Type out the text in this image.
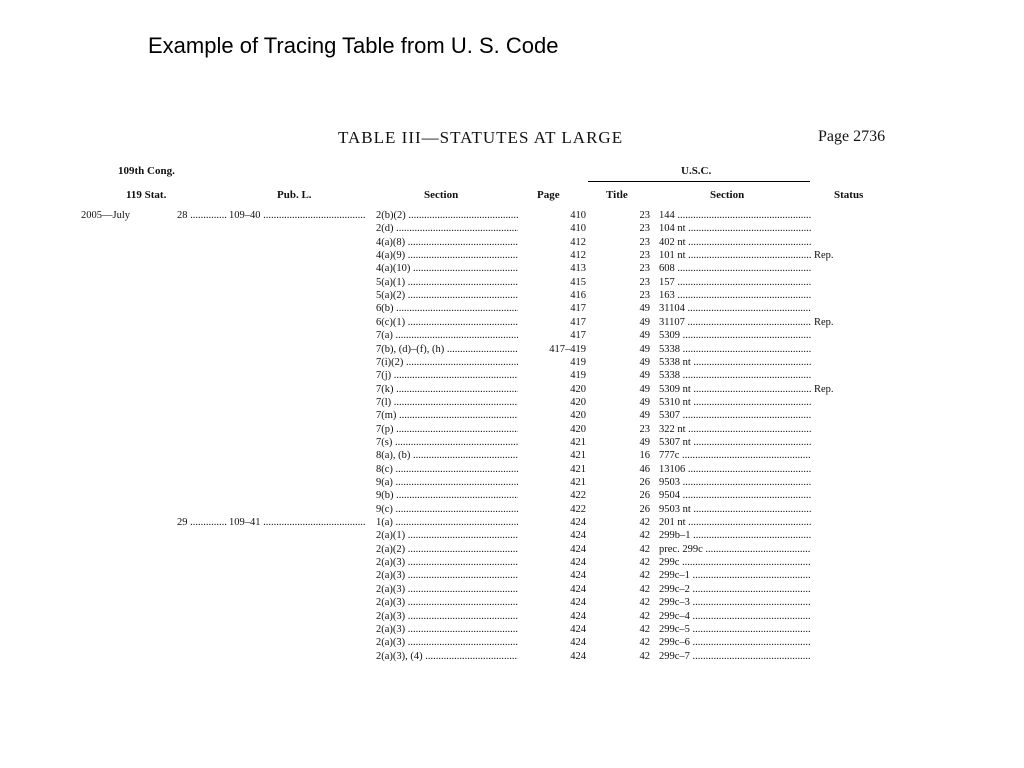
Example of Tracing Table from U. S. Code
TABLE III—STATUTES AT LARGE	Page 2736
109th Cong.	U.S.C.
119 Stat.	Pub. L.	Section	Page	Title	Section	Status
2005—July	28 .....	109–40 .....	2(b)(2) .....	410	23 144 .....
2(d) .....	410	23 104 nt .....
4(a)(8) .....	412	23 402 nt .....
4(a)(9) .....	412	23 101 nt .....	Rep.
4(a)(10) .....	413	23 608 .....
5(a)(1) .....	415	23 157 .....
5(a)(2) .....	416	23 163 .....
6(b) .....	417	49 31104 .....
6(c)(1) .....	417	49 31107 .....	Rep.
7(a) .....	417	49 5309 .....
7(b), (d)–(f), (h) .....	417–419	49 5338 .....
7(i)(2) .....	419	49 5338 nt .....
7(j) .....	419	49 5338 .....
7(k) .....	420	49 5309 nt .....	Rep.
7(l) .....	420	49 5310 nt .....
7(m) .....	420	49 5307 .....
7(p) .....	420	23 322 nt .....
7(s) .....	421	49 5307 nt .....
8(a), (b) .....	421	16 777c .....
8(c) .....	421	46 13106 .....
9(a) .....	421	26 9503 .....
9(b) .....	422	26 9504 .....
9(c) .....	422	26 9503 nt .....
29 .....	109–41 .....	1(a) .....	424	42 201 nt .....
2(a)(1) .....	424	42 299b–1 .....
2(a)(2) .....	424	42 prec. 299c .....
2(a)(3) .....	424	42 299c .....
2(a)(3) .....	424	42 299c–1 .....
2(a)(3) .....	424	42 299c–2 .....
2(a)(3) .....	424	42 299c–3 .....
2(a)(3) .....	424	42 299c–4 .....
2(a)(3) .....	424	42 299c–5 .....
2(a)(3) .....	424	42 299c–6 .....
2(a)(3), (4) .....	424	42 299c–7 .....
